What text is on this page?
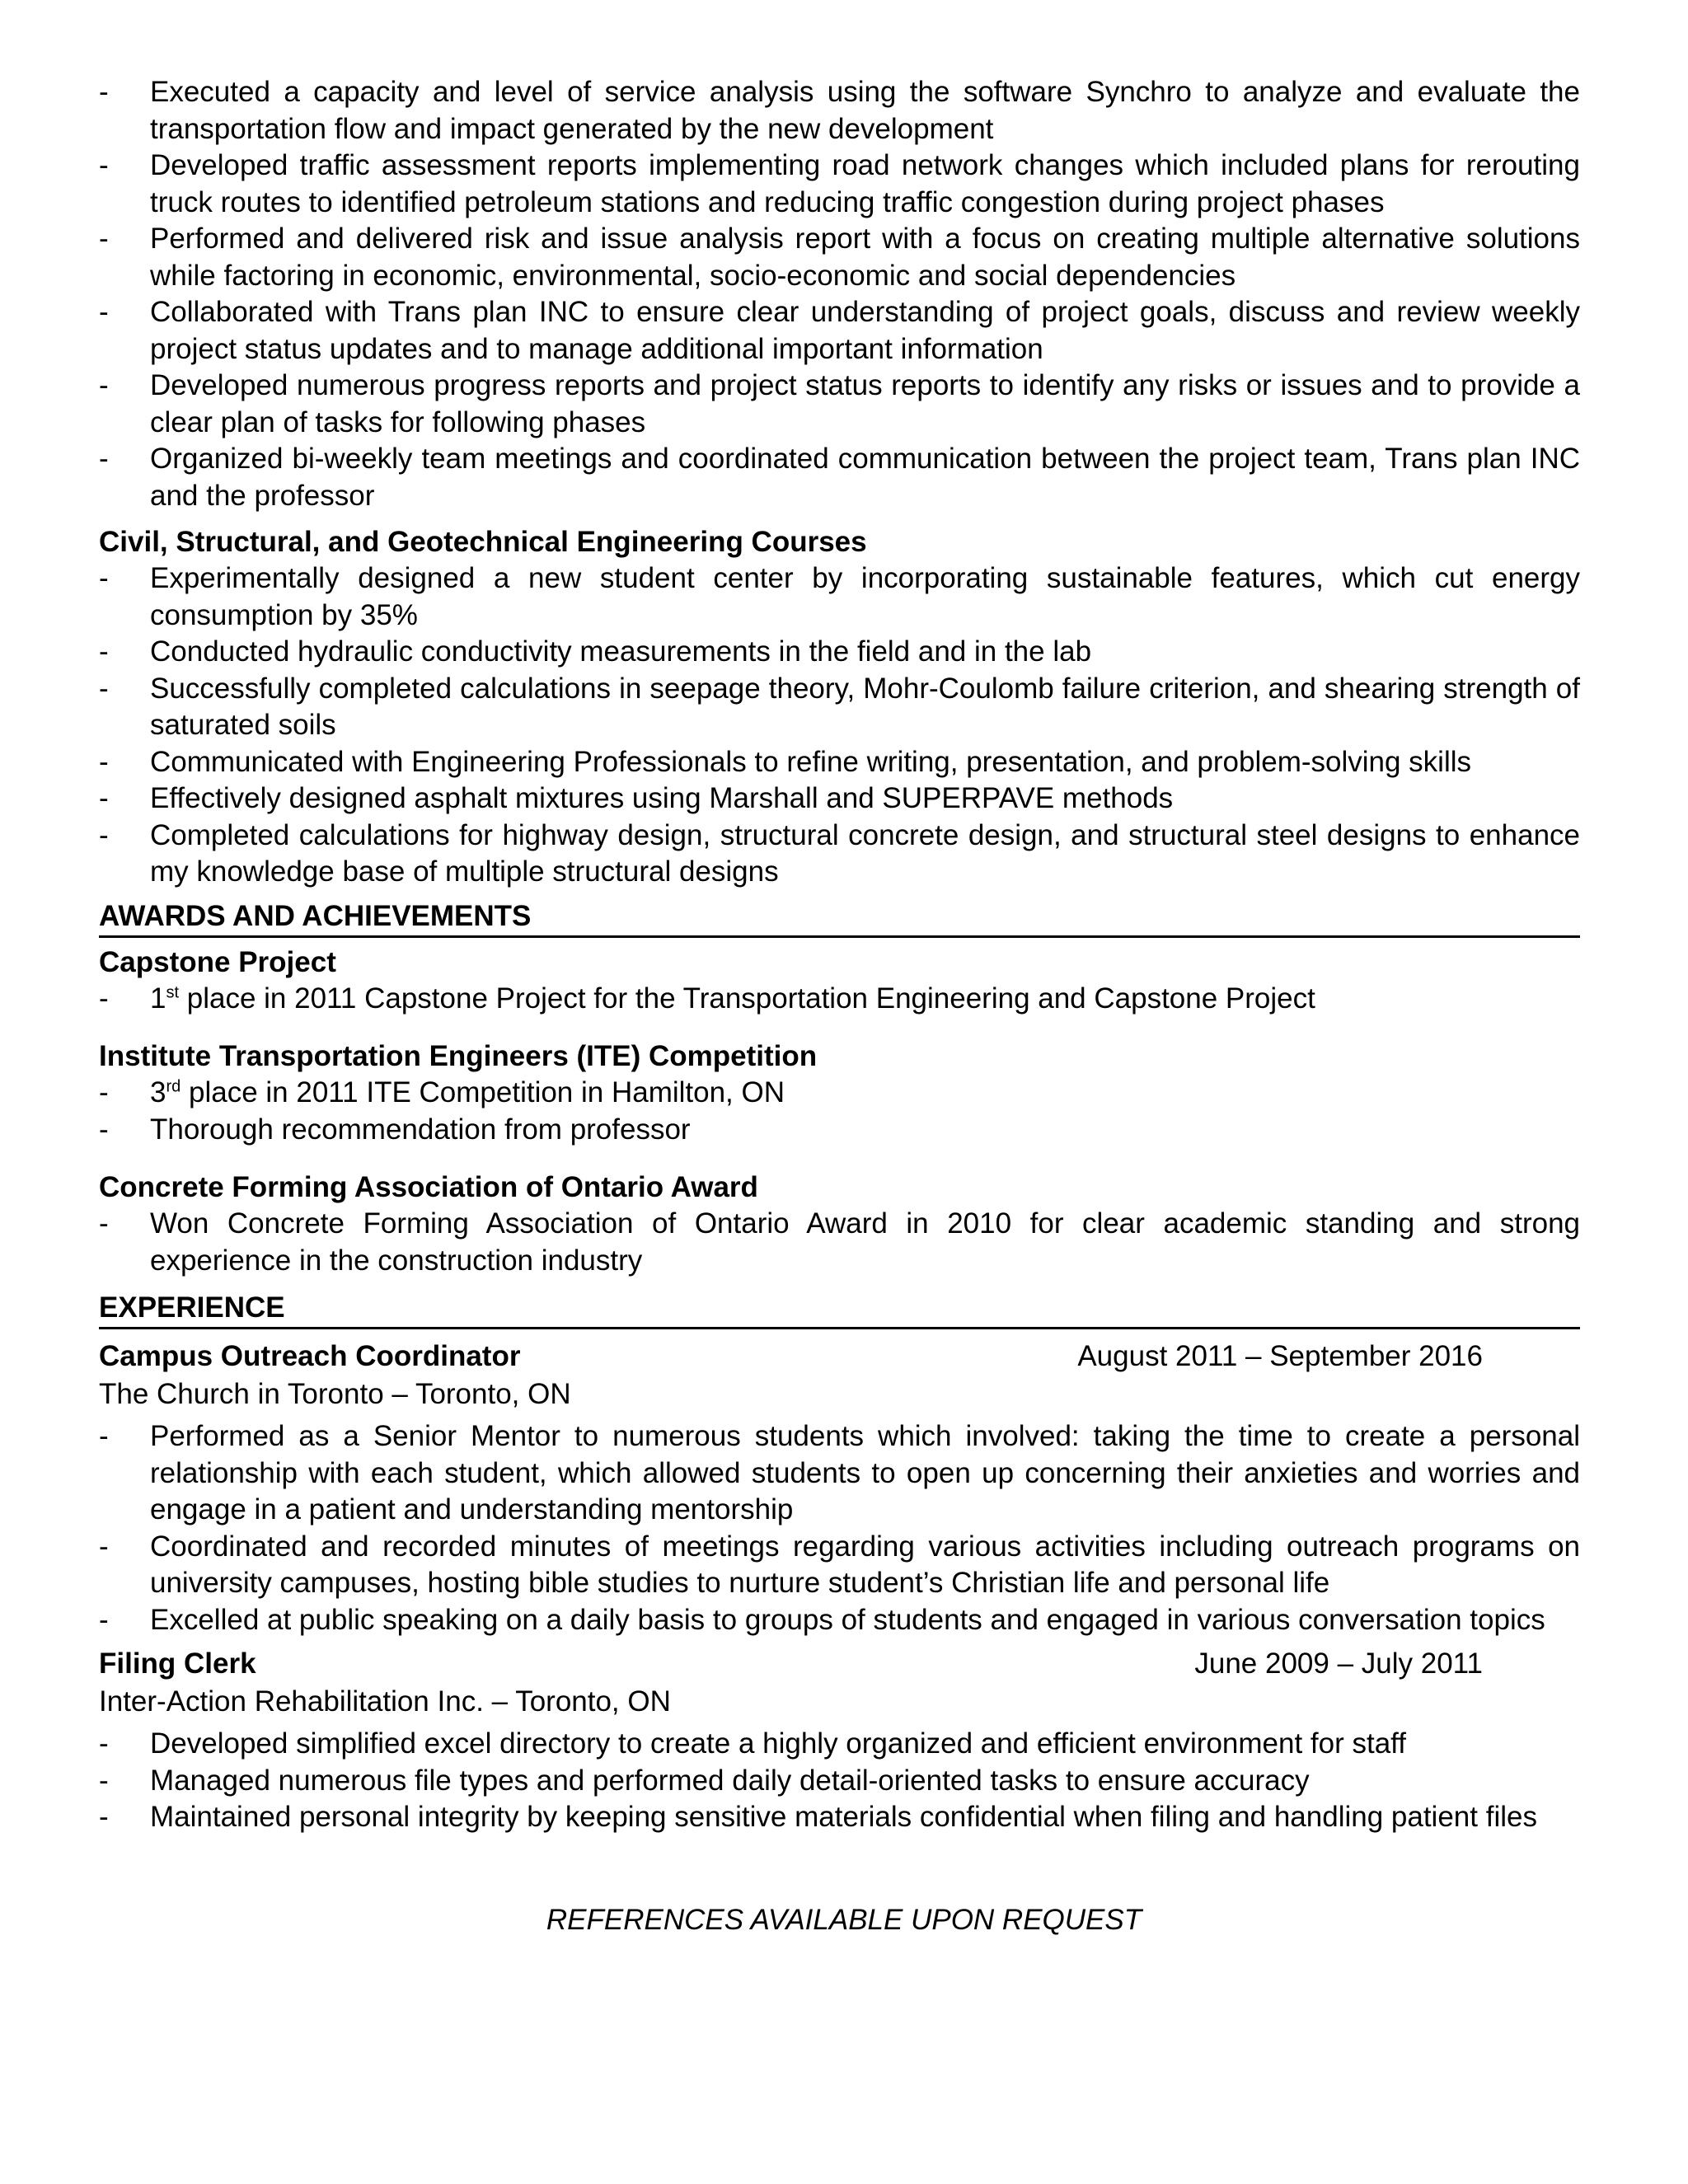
- Executed a capacity and level of service analysis using the software Synchro to analyze and evaluate the transportation flow and impact generated by the new development
- Developed traffic assessment reports implementing road network changes which included plans for rerouting truck routes to identified petroleum stations and reducing traffic congestion during project phases
- Performed and delivered risk and issue analysis report with a focus on creating multiple alternative solutions while factoring in economic, environmental, socio-economic and social dependencies
- Collaborated with Trans plan INC to ensure clear understanding of project goals, discuss and review weekly project status updates and to manage additional important information
- Developed numerous progress reports and project status reports to identify any risks or issues and to provide a clear plan of tasks for following phases
- Organized bi-weekly team meetings and coordinated communication between the project team, Trans plan INC and the professor
Civil, Structural, and Geotechnical Engineering Courses
- Experimentally designed a new student center by incorporating sustainable features, which cut energy consumption by 35%
- Conducted hydraulic conductivity measurements in the field and in the lab
- Successfully completed calculations in seepage theory, Mohr-Coulomb failure criterion, and shearing strength of saturated soils
- Communicated with Engineering Professionals to refine writing, presentation, and problem-solving skills
- Effectively designed asphalt mixtures using Marshall and SUPERPAVE methods
- Completed calculations for highway design, structural concrete design, and structural steel designs to enhance my knowledge base of multiple structural designs
AWARDS AND ACHIEVEMENTS
Capstone Project
- 1st place in 2011 Capstone Project for the Transportation Engineering and Capstone Project
Institute Transportation Engineers (ITE) Competition
- 3rd place in 2011 ITE Competition in Hamilton, ON
- Thorough recommendation from professor
Concrete Forming Association of Ontario Award
- Won Concrete Forming Association of Ontario Award in 2010 for clear academic standing and strong experience in the construction industry
EXPERIENCE
Campus Outreach Coordinator	August 2011 – September 2016
The Church in Toronto – Toronto, ON
- Performed as a Senior Mentor to numerous students which involved: taking the time to create a personal relationship with each student, which allowed students to open up concerning their anxieties and worries and engage in a patient and understanding mentorship
- Coordinated and recorded minutes of meetings regarding various activities including outreach programs on university campuses, hosting bible studies to nurture student’s Christian life and personal life
- Excelled at public speaking on a daily basis to groups of students and engaged in various conversation topics
Filing Clerk	June 2009 – July 2011
Inter-Action Rehabilitation Inc. – Toronto, ON
- Developed simplified excel directory to create a highly organized and efficient environment for staff
- Managed numerous file types and performed daily detail-oriented tasks to ensure accuracy
- Maintained personal integrity by keeping sensitive materials confidential when filing and handling patient files
REFERENCES AVAILABLE UPON REQUEST
